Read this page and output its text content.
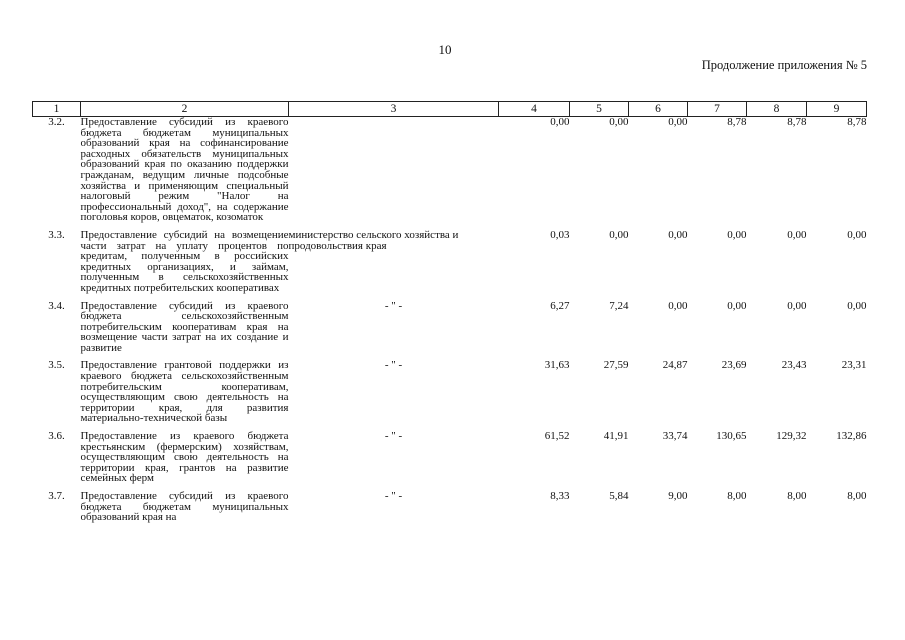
10
Продолжение приложения № 5
1	2	3	4	5	6	7	8	9
3.2.	Предоставление субсидий из краевого бюджета бюджетам муниципальных образований края на софинансирование расходных обязательств муниципальных образований края по оказанию поддержки гражданам, ведущим личные подсобные хозяйства и применяющим специальный налоговый режим "Налог на профессиональный доход", на содержание поголовья коров, овцематок, козоматок		0,00	0,00	0,00	8,78	8,78	8,78
3.3.	Предоставление субсидий на возмещение части затрат на уплату процентов по кредитам, полученным в российских кредитных организациях, и займам, полученным в сельскохозяйственных кредитных потребительских кооперативах	министерство сельского хозяйства и продовольствия края	0,03	0,00	0,00	0,00	0,00	0,00
3.4.	Предоставление субсидий из краевого бюджета сельскохозяйственным потребительским кооперативам края на возмещение части затрат на их создание и развитие	- " -	6,27	7,24	0,00	0,00	0,00	0,00
3.5.	Предоставление грантовой поддержки из краевого бюджета сельскохозяйственным потребительским кооперативам, осуществляющим свою деятельность на территории края, для развития материально-технической базы	- " -	31,63	27,59	24,87	23,69	23,43	23,31
3.6.	Предоставление из краевого бюджета крестьянским (фермерским) хозяйствам, осуществляющим свою деятельность на территории края, грантов на развитие семейных ферм	- " -	61,52	41,91	33,74	130,65	129,32	132,86
3.7.	Предоставление субсидий из краевого бюджета бюджетам муниципальных образований края на	- " -	8,33	5,84	9,00	8,00	8,00	8,00
